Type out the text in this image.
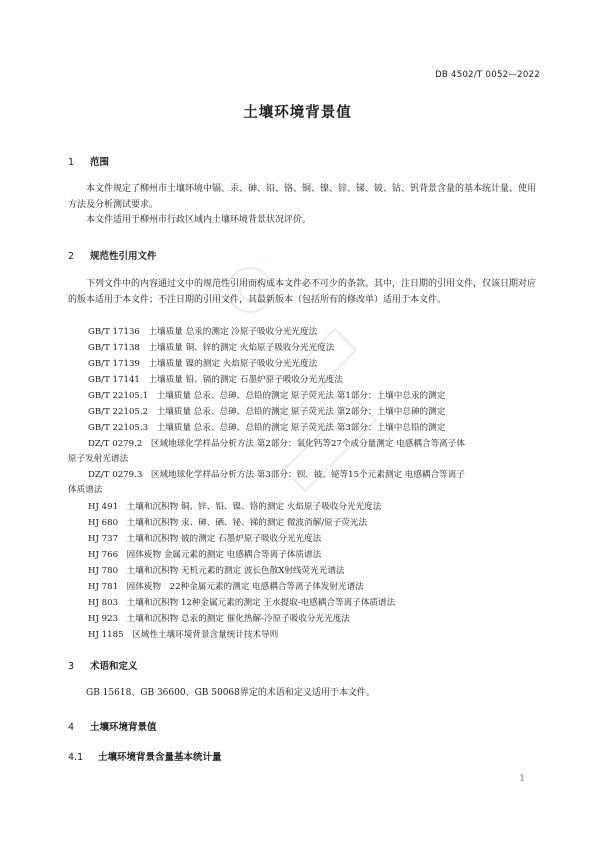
DB 4502/T 0052—2022
土壤环境背景值
1 范围
本文件规定了柳州市土壤环境中镉、汞、砷、铅、铬、铜、镍、锌、锑、铍、钴、钒背景含量的基本统计量、使用方法及分析测试要求。
本文件适用于柳州市行政区域内土壤环境背景状况评价。
2 规范性引用文件
下列文件中的内容通过文中的规范性引用而构成本文件必不可少的条款。其中，注日期的引用文件，仅该日期对应的版本适用于本文件；不注日期的引用文件，其最新版本（包括所有的修改单）适用于本文件。
GB/T 17136　土壤质量 总汞的测定 冷原子吸收分光光度法
GB/T 17138　土壤质量 铜、锌的测定 火焰原子吸收分光光度法
GB/T 17139　土壤质量 镍的测定 火焰原子吸收分光光度法
GB/T 17141　土壤质量 铅、镉的测定 石墨炉原子吸收分光光度法
GB/T 22105.1　土壤质量 总汞、总砷、总铅的测定 原子荧光法 第1部分：土壤中总汞的测定
GB/T 22105.2　土壤质量 总汞、总砷、总铅的测定 原子荧光法 第2部分：土壤中总砷的测定
GB/T 22105.3　土壤质量 总汞、总砷、总铅的测定 原子荧光法 第3部分：土壤中总铅的测定
DZ/T 0279.2　区域地球化学样品分析方法 第2部分：氧化钙等27个成分量测定 电感耦合等离子体
原子发射光谱法
DZ/T 0279.3　区域地球化学样品分析方法 第3部分：钡、铍、铋等15个元素测定 电感耦合等离子
体质谱法
HJ 491　土壤和沉积物 铜、锌、铅、镍、铬的测定 火焰原子吸收分光光度法
HJ 680　土壤和沉积物 汞、砷、硒、铋、锑的测定 微波消解/原子荧光法
HJ 737　土壤和沉积物 铍的测定 石墨炉原子吸收分光光度法
HJ 766　固体废物 金属元素的测定 电感耦合等离子体质谱法
HJ 780　土壤和沉积物 无机元素的测定 波长色散X射线荧光光谱法
HJ 781　固体废物　22种金属元素的测定 电感耦合等离子体发射光谱法
HJ 803　土壤和沉积物 12种金属元素的测定 王水提取-电感耦合等离子体质谱法
HJ 923　土壤和沉积物 总汞的测定 催化热解-冷原子吸收分光光度法
HJ 1185　区域性土壤环境背景含量统计技术导则
3 术语和定义
GB 15618、GB 36600、GB 50068界定的术语和定义适用于本文件。
4 土壤环境背景值
4.1 土壤环境背景含量基本统计量
1
